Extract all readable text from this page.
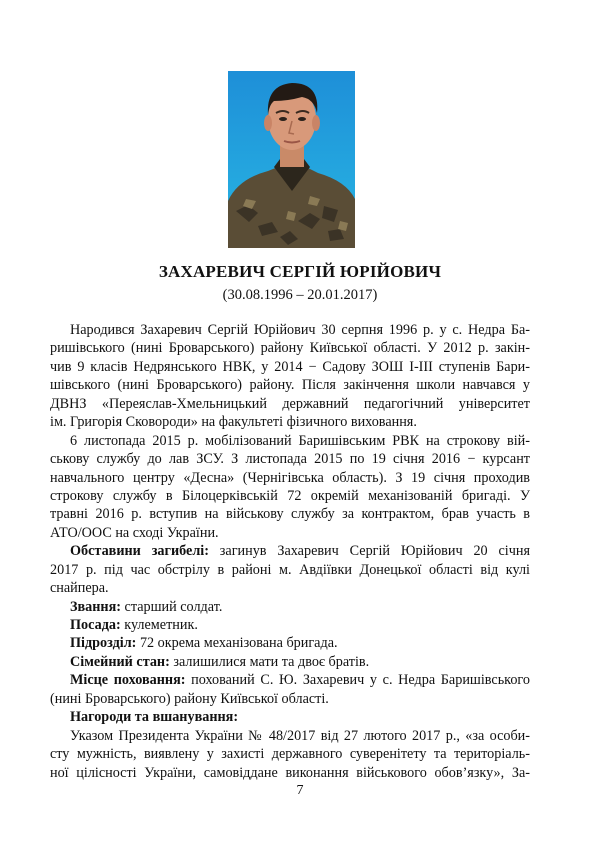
ЗАХАРЕВИЧ СЕРГІЙ ЮРІЙОВИЧ
(30.08.1996 – 20.01.2017)

Народився Захаревич Сергій Юрійович 30 серпня 1996 р. у с. Недра Ба-
ришівського (нині Броварського) району Київської області. У 2012 р. закін-
чив 9 класів Недрянського НВК, у 2014 − Садову ЗОШ І-ІІІ ступенів Бари-
шівського (нині Броварського) району. Після закінчення школи навчався у
ДВНЗ «Переяслав-Хмельницький державний педагогічний університет
ім. Григорія Сковороди» на факультеті фізичного виховання.

6 листопада 2015 р. мобілізований Баришівським РВК на строкову вій-
ськову службу до лав ЗСУ. З листопада 2015 по 19 січня 2016 − курсант
навчального центру «Десна» (Чернігівська область). З 19 січня проходив
строкову службу в Білоцерківській 72 окремій механізованій бригаді. У
травні 2016 р. вступив на військову службу за контрактом, брав участь в
АТО/ООС на сході України.

Обставини загибелі: загинув Захаревич Сергій Юрійович 20 січня
2017 р. під час обстрілу в районі м. Авдіївки Донецької області від кулі
снайпера.

Звання: старший солдат.

Посада: кулеметник.

Підрозділ: 72 окрема механізована бригада.

Сімейний стан: залишилися мати та двоє братів.

Місце поховання: похований С. Ю. Захаревич у с. Недра Баришівського
(нині Броварського) району Київської області.

Нагороди та вшанування:
Указом Президента України № 48/2017 від 27 лютого 2017 р., «за особи-
сту мужність, виявлену у захисті державного суверенітету та територіаль-
ної цілісності України, самовіддане виконання військового обов’язку», За-

7
